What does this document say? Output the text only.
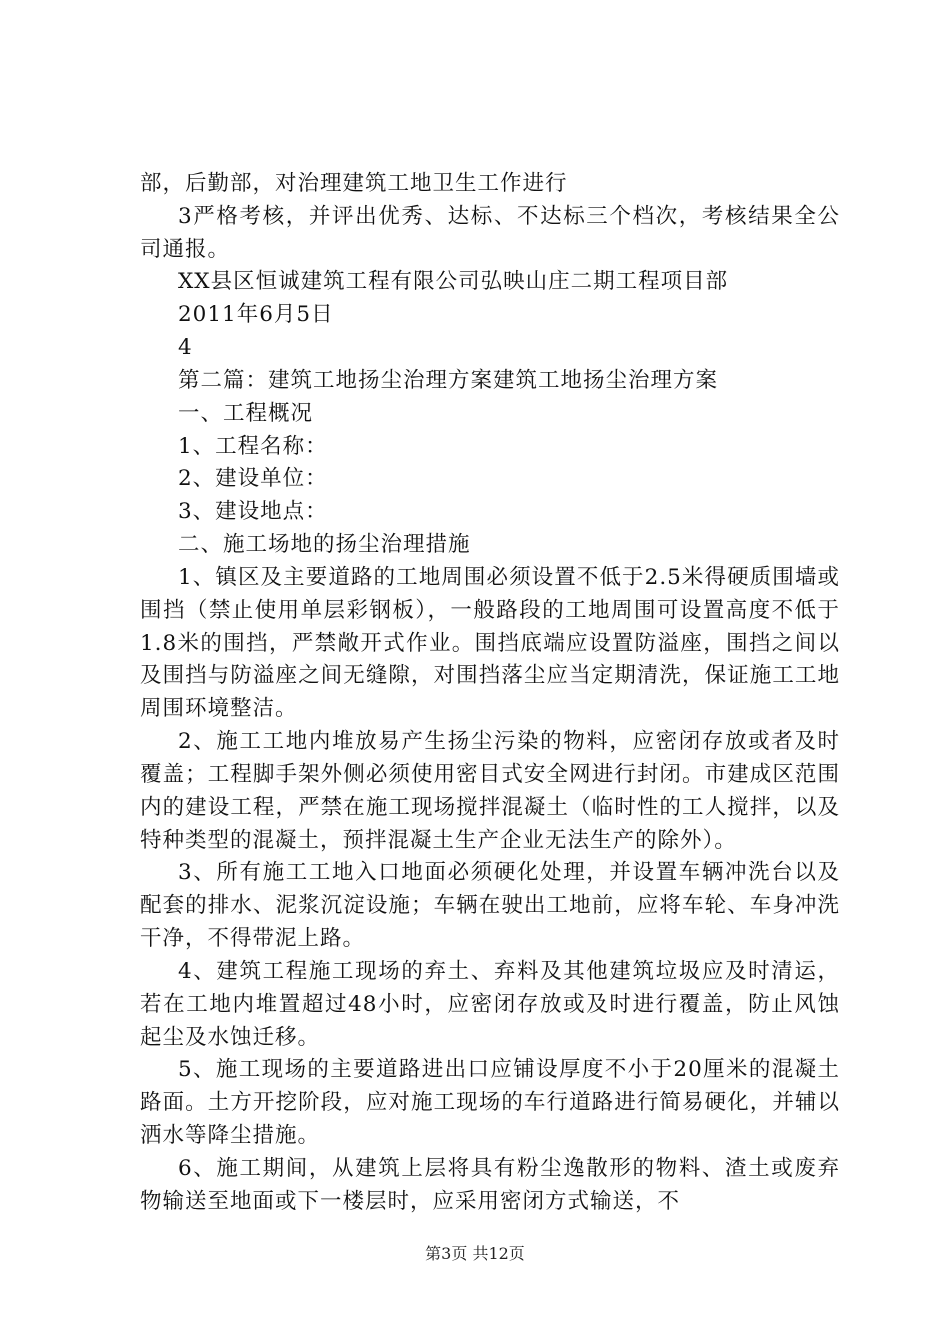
部，后勤部，对治理建筑工地卫生工作进行

3严格考核，并评出优秀、达标、不达标三个档次，考核结果全公司通报。

XX县区恒诚建筑工程有限公司弘映山庄二期工程项目部

2011年6月5日

4

第二篇：建筑工地扬尘治理方案建筑工地扬尘治理方案

一、工程概况

1、工程名称：

2、建设单位：

3、建设地点：

二、施工场地的扬尘治理措施

1、镇区及主要道路的工地周围必须设置不低于2.5米得硬质围墙或围挡（禁止使用单层彩钢板），一般路段的工地周围可设置高度不低于1.8米的围挡，严禁敞开式作业。围挡底端应设置防溢座，围挡之间以及围挡与防溢座之间无缝隙，对围挡落尘应当定期清洗，保证施工工地周围环境整洁。

2、施工工地内堆放易产生扬尘污染的物料，应密闭存放或者及时覆盖；工程脚手架外侧必须使用密目式安全网进行封闭。市建成区范围内的建设工程，严禁在施工现场搅拌混凝土（临时性的工人搅拌，以及特种类型的混凝土，预拌混凝土生产企业无法生产的除外）。

3、所有施工工地入口地面必须硬化处理，并设置车辆冲洗台以及配套的排水、泥浆沉淀设施；车辆在驶出工地前，应将车轮、车身冲洗干净，不得带泥上路。

4、建筑工程施工现场的弃土、弃料及其他建筑垃圾应及时清运，若在工地内堆置超过48小时，应密闭存放或及时进行覆盖，防止风蚀起尘及水蚀迁移。

5、施工现场的主要道路进出口应铺设厚度不小于20厘米的混凝土路面。土方开挖阶段，应对施工现场的车行道路进行简易硬化，并辅以洒水等降尘措施。

6、施工期间，从建筑上层将具有粉尘逸散形的物料、渣土或废弃物输送至地面或下一楼层时，应采用密闭方式输送，不

第3页 共12页
